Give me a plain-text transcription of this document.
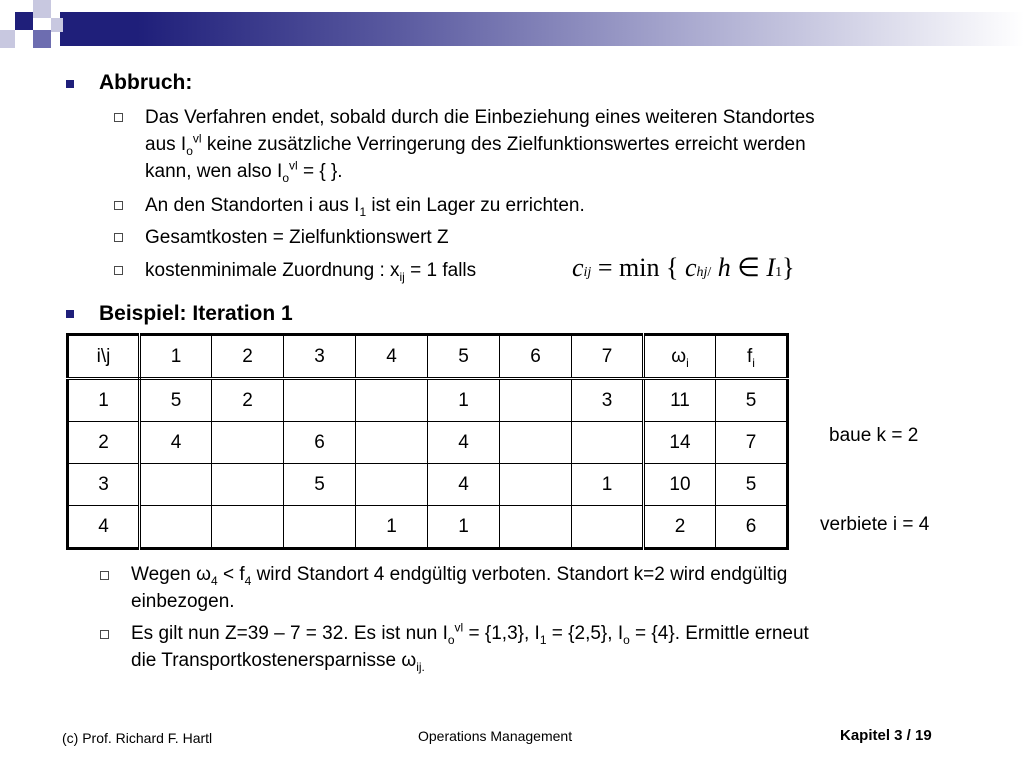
Abbruch:
Das Verfahren endet, sobald durch die Einbeziehung eines weiteren Standortes
aus $I_o^{vl}$ keine zusätzliche Verringerung des Zielfunktionswertes erreicht werden
kann, wen also $I_o^{vl}$ = { }.
An den Standorten i aus $I_1$ ist ein Lager zu errichten.
Gesamtkosten = Zielfunktionswert Z
kostenminimale Zuordnung : $x_{ij} = 1$ falls	cij = min { chj/ h ∈ I1}
Beispiel: Iteration 1
i\j	1	2	3	4	5	6	7	$\omega_i$	$f_i$
1	5	2			1		3	11	5
2	4		6		4			14	7
3			5		4		1	10	5
4				1	1			2	6
baue k = 2
verbiete i = 4
Wegen $\omega_4 < f_4$ wird Standort 4 endgültig verboten. Standort k=2 wird endgültig
einbezogen.
Es gilt nun Z=39 – 7 = 32. Es ist nun $I_o^{vl} = \{1,3\}$, $I_1 = \{2,5\}$, $I_o = \{4\}$. Ermittle erneut
die Transportkostenersparnisse $\omega_{ij.}$
(c) Prof. Richard F. Hartl	Operations Management	Kapitel 3 / 19
